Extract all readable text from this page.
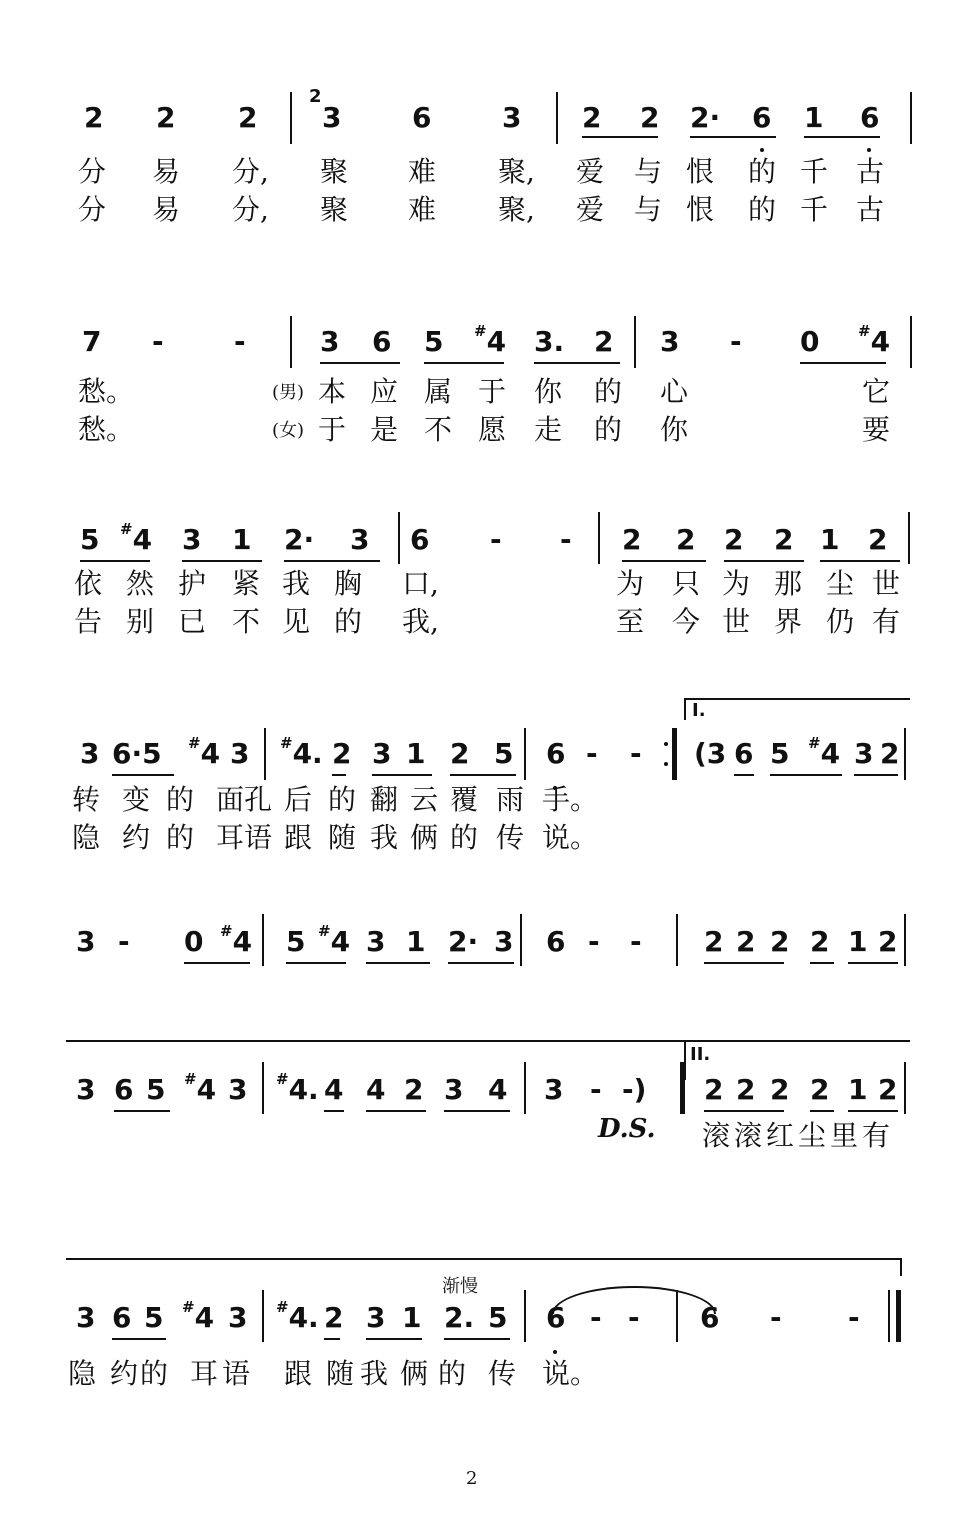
2 2 2 3	6	3 2 2 2· 6 1 6
2
分 易 分, 聚 难 聚, 爱 与 恨 的 千 古
分 易 分, 聚 难 聚, 爱 与 恨 的 千 古
7 -	-	3 6 5 #4 3. 2 3 - 0	#4
愁。	(男) 本 应 属 于 你 的 心	它
愁。	(女) 于 是 不 愿 走 的 你	要
5 #4 3 1 2· 3 6 - - 2 2 2 2 1 2
依 然 护 紧 我 胸 口,	为 只 为 那 尘 世
告 别 已 不 见 的 我,	至 今 世 界 仍 有
I.
3 6·5 #4 3 #4. 2 3 1 2 5 6 - - (3 6 5 #4 3 2
转 变 的 面 孔 后 的 翻 云 覆 雨 手。
隐 约 的 耳 语 跟 随 我 俩 的 传 说。
3 - 0 #4 5 #4 3 1 2· 3 6 - - 2 2 2 2 1 2
II.
3 6 5 #4 3 #4. 4 4 2 3 4 3 - -) 2 2 2 2 1 2
D.S. 滚 滚 红 尘 里 有
渐慢
3 6 5 #4 3 #4. 2 3 1 2. 5 6 - - 6 - -
隐 约 的 耳 语 跟 随 我 俩 的 传 说。
2
